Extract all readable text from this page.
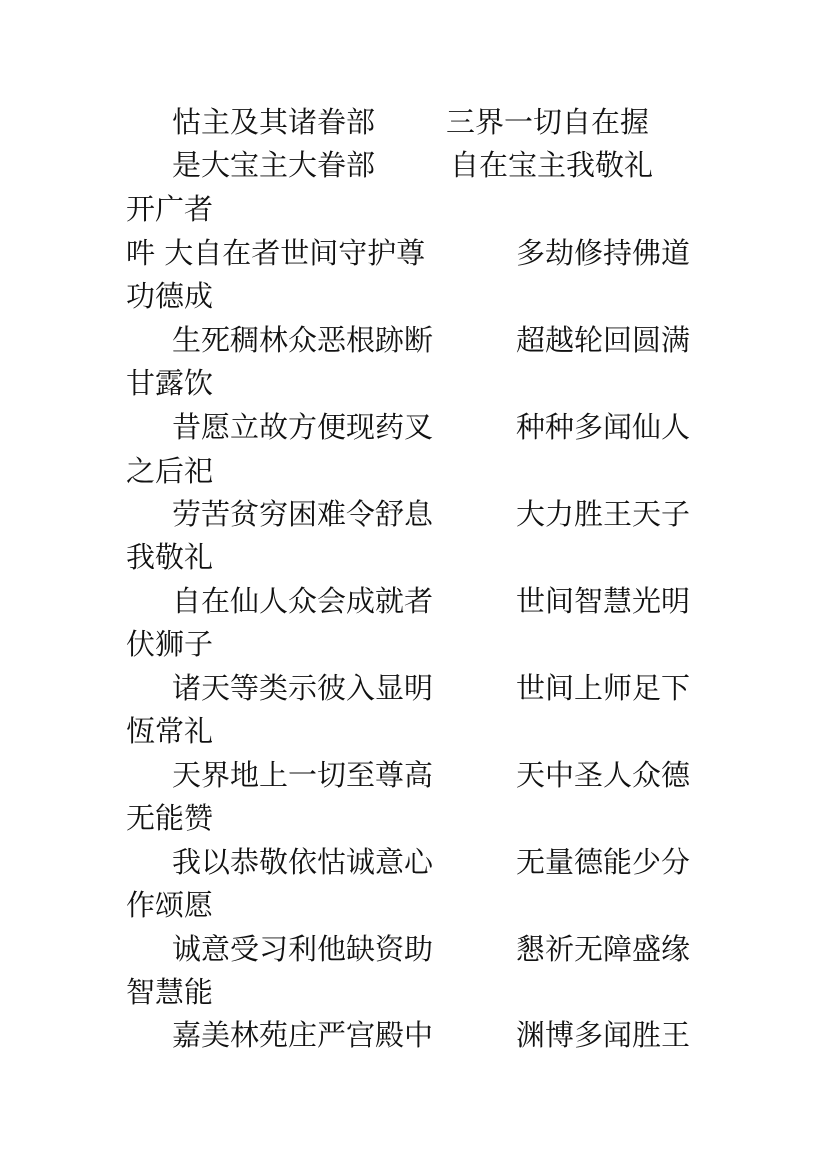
怙主及其诸眷部 三界一切自在握
是大宝主大眷部	自在宝主我敬礼
开广者
吽 大自在者世间守护尊	多劫修持佛道
功德成
生死稠林众恶根跡断	超越轮回圆满
甘露饮
昔愿立故方便现药叉	种种多闻仙人
之后祀
劳苦贫穷困难令舒息	大力胜王天子
我敬礼
自在仙人众会成就者	世间智慧光明
伏狮子
诸天等类示彼入显明	世间上师足下
恆常礼
天界地上一切至尊高	天中圣人众德
无能赞
我以恭敬依怙诚意心	无量德能少分
作颂愿
诚意受习利他缺资助	懇祈无障盛缘
智慧能
嘉美林苑庄严宫殿中	渊博多闻胜王
